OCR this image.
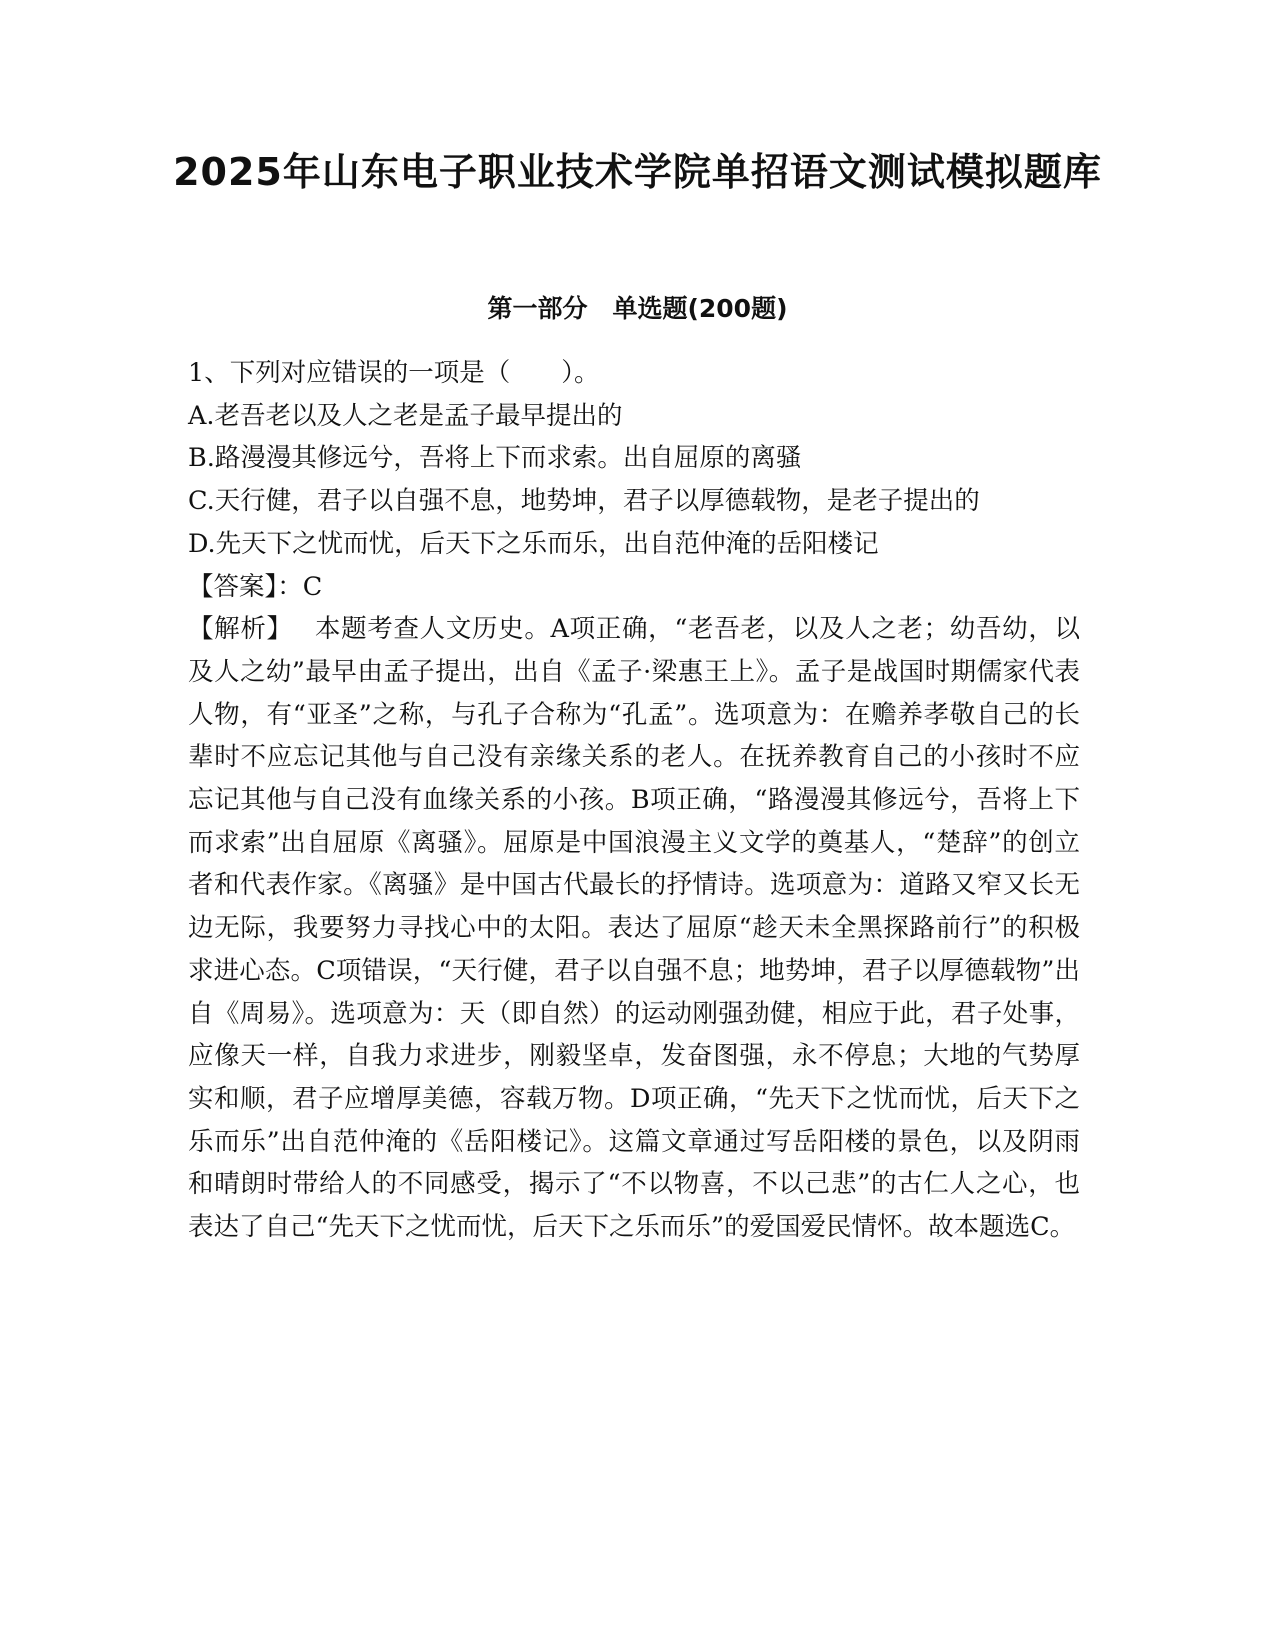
2025年山东电子职业技术学院单招语文测试模拟题库
第一部分　单选题(200题)

1、下列对应错误的一项是（　　）。

A.老吾老以及人之老是孟子最早提出的

B.路漫漫其修远兮，吾将上下而求索。出自屈原的离骚

C.天行健，君子以自强不息，地势坤，君子以厚德载物，是老子提出的

D.先天下之忧而忧，后天下之乐而乐，出自范仲淹的岳阳楼记

【答案】：C

【解析】　 本题考查人文历史。A项正确，“老吾老，以及人之老；幼吾幼，以及人之幼”最早由孟子提出，出自《孟子·梁惠王上》。孟子是战国时期儒家代表人物，有“亚圣”之称，与孔子合称为“孔孟”。选项意为：在赡养孝敬自己的长辈时不应忘记其他与自己没有亲缘关系的老人。在抚养教育自己的小孩时不应忘记其他与自己没有血缘关系的小孩。B项正确，“路漫漫其修远兮，吾将上下而求索”出自屈原《离骚》。屈原是中国浪漫主义文学的奠基人，“楚辞”的创立者和代表作家。《离骚》是中国古代最长的抒情诗。选项意为：道路又窄又长无边无际，我要努力寻找心中的太阳。表达了屈原“趁天未全黑探路前行”的积极求进心态。C项错误，“天行健，君子以自强不息；地势坤，君子以厚德载物”出自《周易》。选项意为：天（即自然）的运动刚强劲健，相应于此，君子处事，应像天一样，自我力求进步，刚毅坚卓，发奋图强，永不停息；大地的气势厚实和顺，君子应增厚美德，容载万物。D项正确，“先天下之忧而忧，后天下之乐而乐”出自范仲淹的《岳阳楼记》。这篇文章通过写岳阳楼的景色，以及阴雨和晴朗时带给人的不同感受，揭示了“不以物喜，不以己悲”的古仁人之心，也表达了自己“先天下之忧而忧，后天下之乐而乐”的爱国爱民情怀。故本题选C。
